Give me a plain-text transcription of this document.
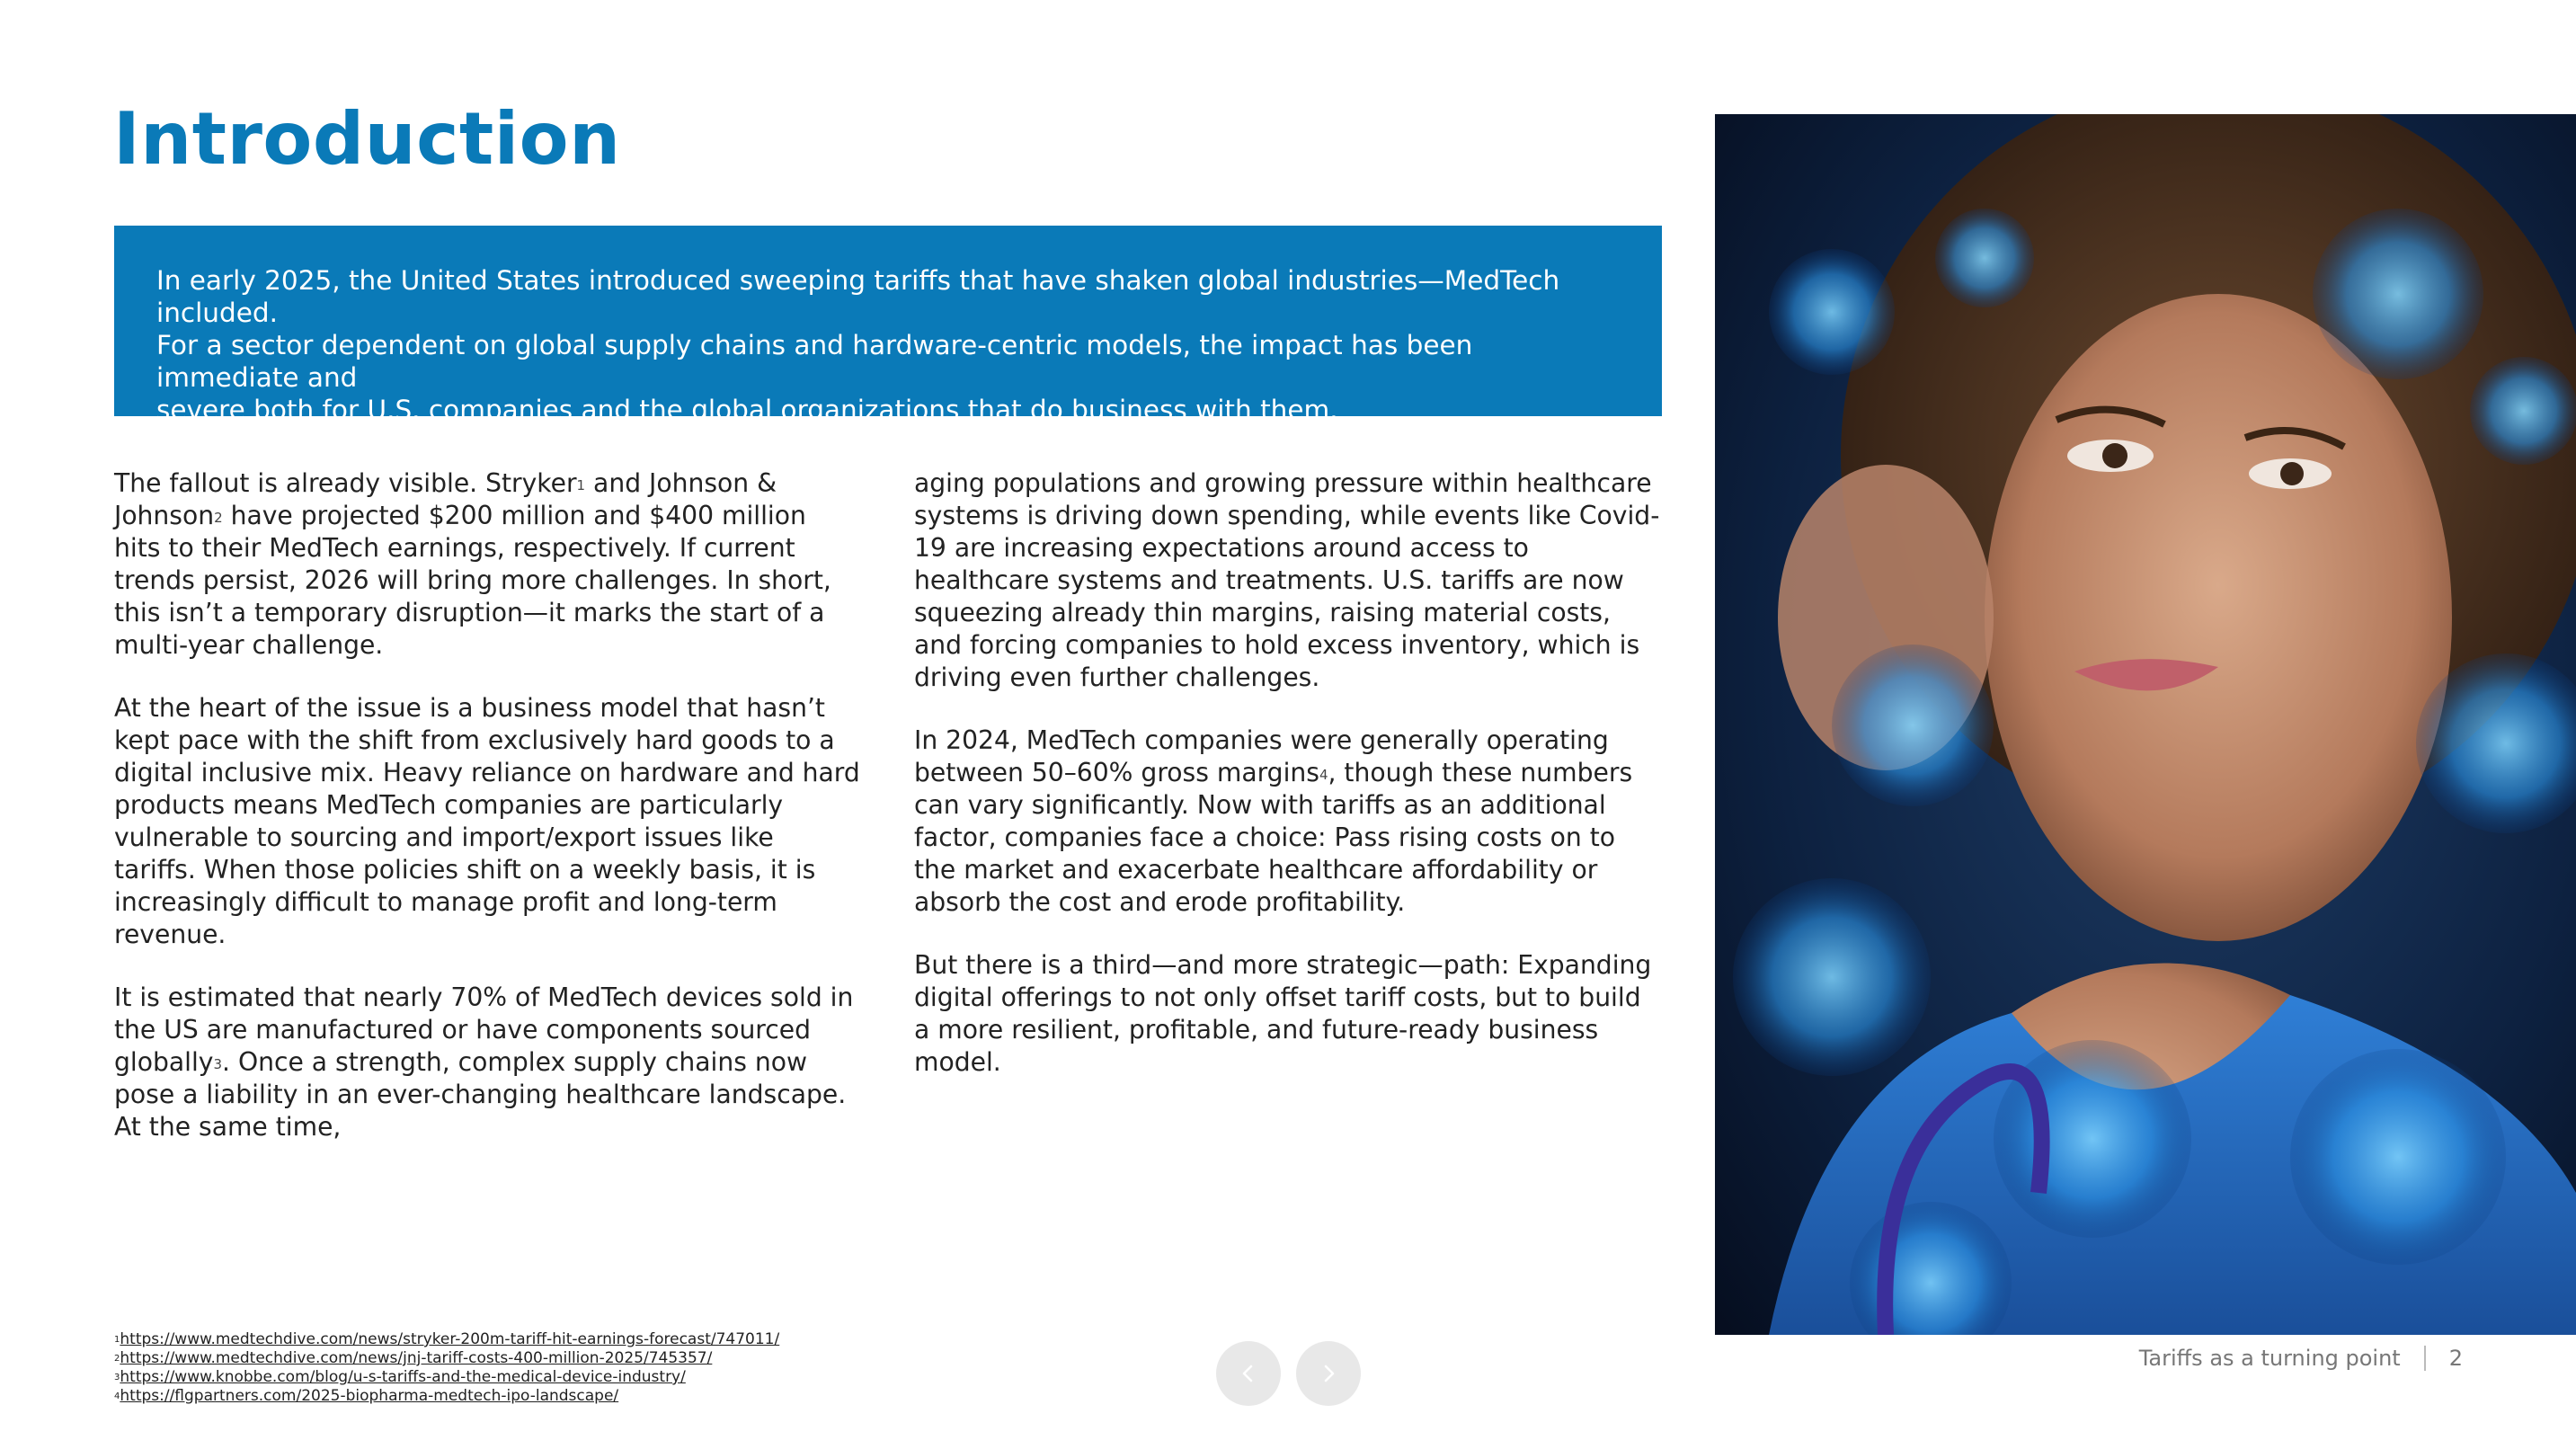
Introduction

In early 2025, the United States introduced sweeping tariffs that have shaken global industries—MedTech included.

For a sector dependent on global supply chains and hardware-centric models, the impact has been immediate and

severe both for U.S. companies and the global organizations that do business with them.

The fallout is already visible. Stryker$^1$ and Johnson & Johnson$^2$ have projected $200 million and $400 million hits to their MedTech earnings, respectively. If current trends persist, 2026 will bring more challenges. In short, this isn’t a temporary disruption—it marks the start of a multi-year challenge.

At the heart of the issue is a business model that hasn’t kept pace with the shift from exclusively hard goods to a digital inclusive mix. Heavy reliance on hardware and hard products means MedTech companies are particularly vulnerable to sourcing and import/export issues like tariffs. When those policies shift on a weekly basis, it is increasingly difficult to manage profit and long-term revenue.

It is estimated that nearly 70% of MedTech devices sold in the US are manufactured or have components sourced globally$^3$. Once a strength, complex supply chains now pose a liability in an ever-changing healthcare landscape. At the same time,

aging populations and growing pressure within healthcare systems is driving down spending, while events like Covid-19 are increasing expectations around access to healthcare systems and treatments. U.S. tariffs are now squeezing already thin margins, raising material costs, and forcing companies to hold excess inventory, which is driving even further challenges.

In 2024, MedTech companies were generally operating between 50–60% gross margins$^4$, though these numbers can vary significantly. Now with tariffs as an additional factor, companies face a choice: Pass rising costs on to the market and exacerbate healthcare affordability or absorb the cost and erode profitability.

But there is a third—and more strategic—path: Expanding digital offerings to not only offset tariff costs, but to build a more resilient, profitable, and future-ready business model.

$^1$https://www.medtechdive.com/news/stryker-200m-tariff-hit-earnings-forecast/747011/
$^2$https://www.medtechdive.com/news/jnj-tariff-costs-400-million-2025/745357/
$^3$https://www.knobbe.com/blog/u-s-tariffs-and-the-medical-device-industry/
$^4$https://flgpartners.com/2025-biopharma-medtech-ipo-landscape/
Tariffs as a turning point 2
